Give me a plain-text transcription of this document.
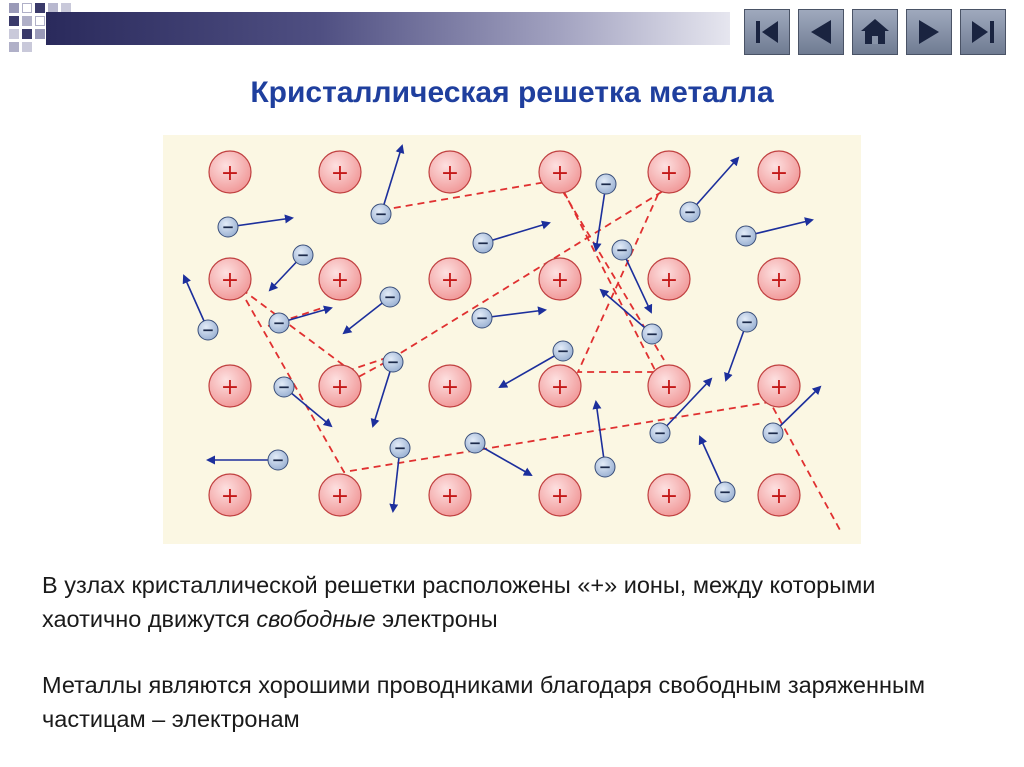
Кристаллическая решетка металла
+	+	+	+	+	+
+	+	+	+	+	+
+	+	+	+	+	+
+	+	+	+	+	+
−
−
−
−
−
−	−
−
−	−
−
−
−
−
−
−
−
−	−
−	−
−
−
−
В узлах кристаллической решетки расположены «+» ионы, между которыми хаотично движутся свободные электроны
Металлы являются хорошими проводниками благодаря свободным заряженным частицам – электронам
